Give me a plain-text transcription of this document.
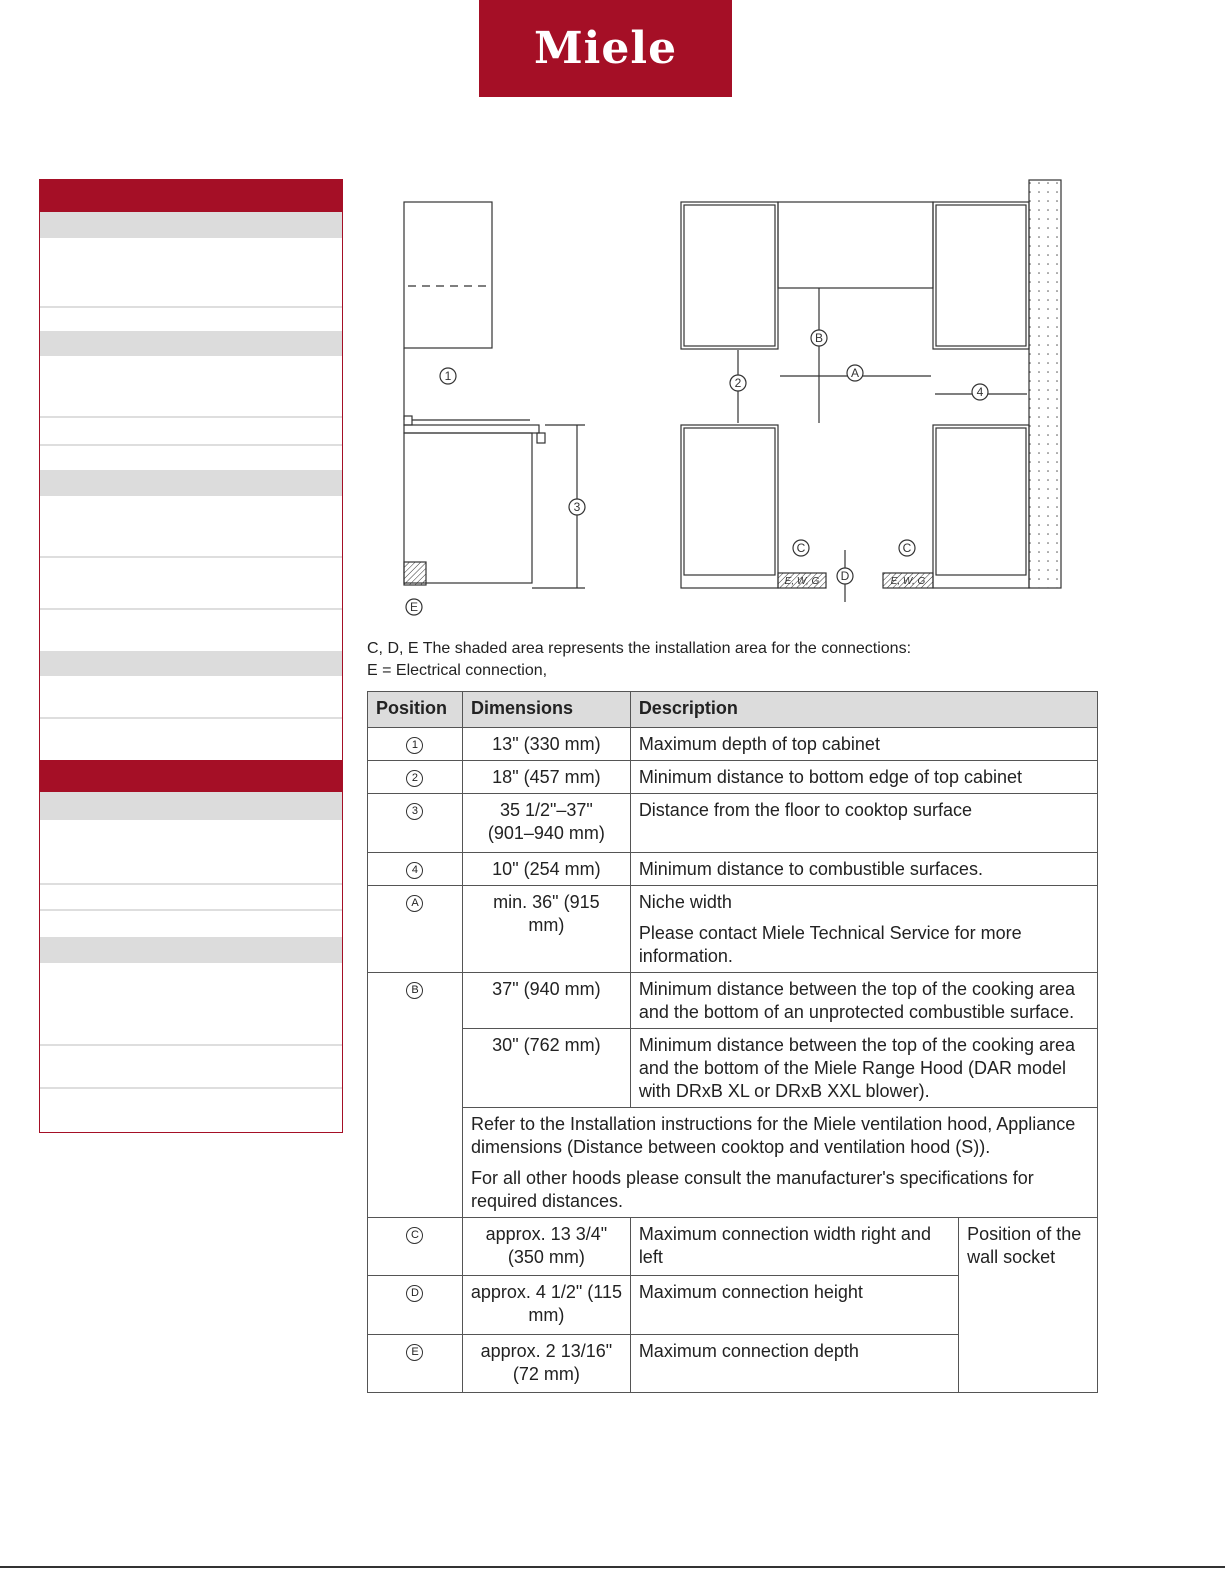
Miele
1	2
3
4
A
B
C	C
D
E
E, W, G	E, W, G
C, D, E The shaded area represents the installation area for the connections:
E = Electrical connection,
Position	Dimensions	Description	
1	13" (330 mm)	Maximum depth of top cabinet	
2	18" (457 mm)	Minimum distance to bottom edge of top cabinet	
3	35 1/2"–37" (901–940 mm)	Distance from the floor to cooktop surface	
4	10" (254 mm)	Minimum distance to combustible surfaces.	
A	min. 36" (915 mm)	Niche width
Please contact Miele Technical Service for more information.	

B	37" (940 mm)	Minimum distance between the top of the cooking area and the bottom of an unprotected combustible surface.	
	30" (762 mm)	Minimum distance between the top of the cooking area and the bottom of the Miele Range Hood (DAR model with DRxB XL or DRxB XXL blower).	

	Refer to the Installation instructions for the Miele ventilation hood, Appliance dimensions (Distance between cooktop and ventilation hood (S)).
For all other hoods please consult the manufacturer's specifications for required distances.		

C	approx. 13 3/4" (350 mm)	Maximum connection width right and left	Position of the wall socket
D	approx. 4 1/2" (115 mm)	Maximum connection height	
E	approx. 2 13/16" (72 mm)	Maximum connection depth	
